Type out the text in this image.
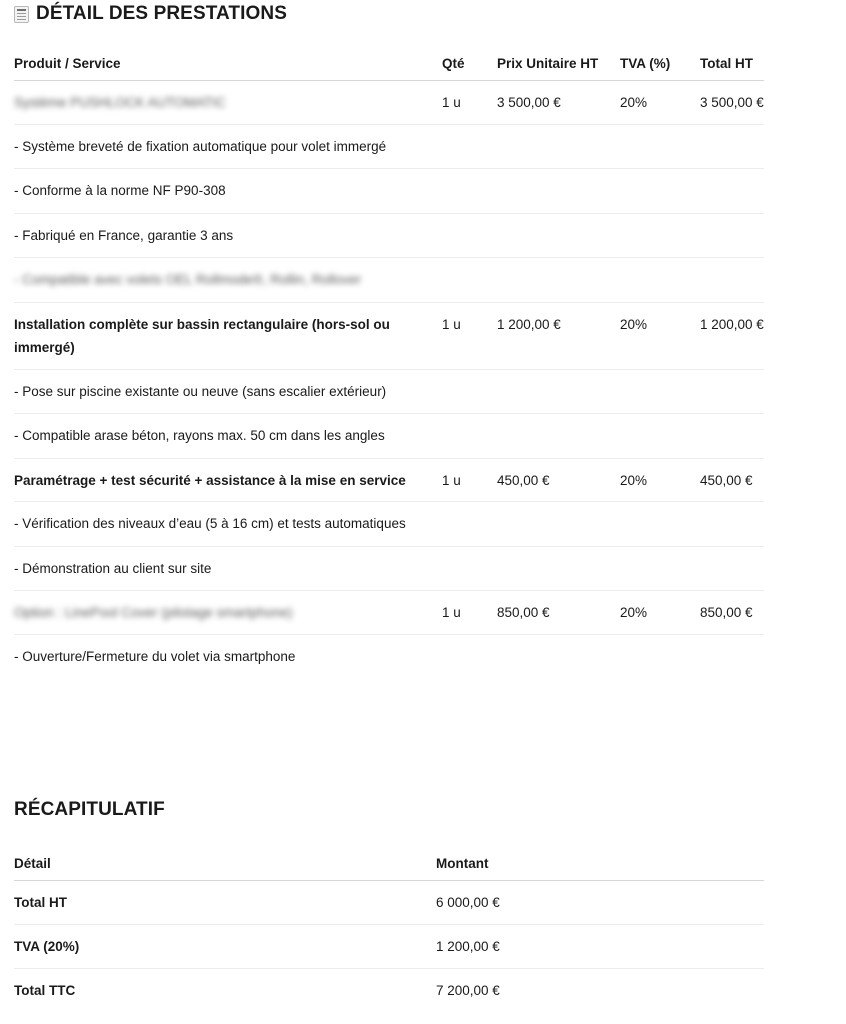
DÉTAIL DES PRESTATIONS
Produit / Service	Qté	Prix Unitaire HT	TVA (%)	Total HT
Système PUSHLOCK AUTOMATIC	1 u	3 500,00 €	20%	3 500,00 €
- Système breveté de fixation automatique pour volet immergé				
- Conforme à la norme NF P90-308				
- Fabriqué en France, garantie 3 ans				
- Compatible avec volets OEL Rollmode®, Rollin, Rollover				
Installation complète sur bassin rectangulaire (hors-sol ou immergé)	1 u	1 200,00 €	20%	1 200,00 €
- Pose sur piscine existante ou neuve (sans escalier extérieur)				
- Compatible arase béton, rayons max. 50 cm dans les angles				
Paramétrage + test sécurité + assistance à la mise en service	1 u	450,00 €	20%	450,00 €
- Vérification des niveaux d’eau (5 à 16 cm) et tests automatiques				
- Démonstration au client sur site				
Option : LinePool Cover (pilotage smartphone)	1 u	850,00 €	20%	850,00 €
- Ouverture/Fermeture du volet via smartphone				
RÉCAPITULATIF
Détail	Montant
Total HT	6 000,00 €
TVA (20%)	1 200,00 €
Total TTC	7 200,00 €
